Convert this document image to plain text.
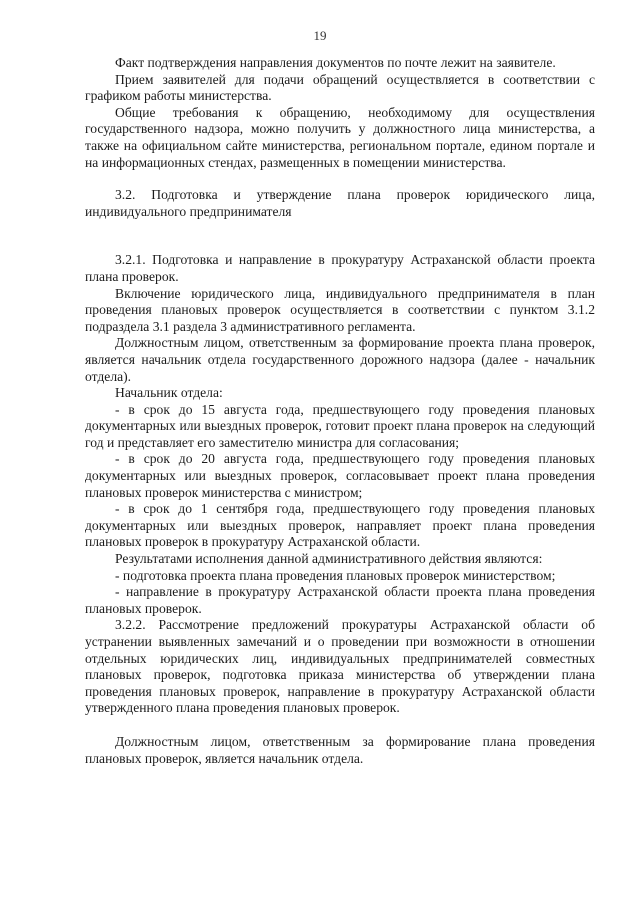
19

Факт подтверждения направления документов по почте лежит на заявителе.

Прием заявителей для подачи обращений осуществляется в соответствии с графиком работы министерства.

Общие требования к обращению, необходимому для осуществления государственного надзора, можно получить у должностного лица министерства, а также на официальном сайте министерства, региональном портале, едином портале и на информационных стендах, размещенных в помещении министерства.

3.2. Подготовка и утверждение плана проверок юридического лица, индивидуального предпринимателя

3.2.1. Подготовка и направление в прокуратуру Астраханской области проекта плана проверок.

Включение юридического лица, индивидуального предпринимателя в план проведения плановых проверок осуществляется в соответствии с пунктом 3.1.2 подраздела 3.1 раздела 3 административного регламента.

Должностным лицом, ответственным за формирование проекта плана проверок, является начальник отдела государственного дорожного надзора (далее - начальник отдела).

Начальник отдела:

- в срок до 15 августа года, предшествующего году проведения плановых документарных или выездных проверок, готовит проект плана проверок на следующий год и представляет его заместителю министра для согласования;

- в срок до 20 августа года, предшествующего году проведения плановых документарных или выездных проверок, согласовывает проект плана проведения плановых проверок министерства с министром;

- в срок до 1 сентября года, предшествующего году проведения плановых документарных или выездных проверок, направляет проект плана проведения плановых проверок в прокуратуру Астраханской области.

Результатами исполнения данной административного действия являются:

- подготовка проекта плана проведения плановых проверок министерством;

- направление в прокуратуру Астраханской области проекта плана проведения плановых проверок.

3.2.2. Рассмотрение предложений прокуратуры Астраханской области об устранении выявленных замечаний и о проведении при возможности в отношении отдельных юридических лиц, индивидуальных предпринимателей совместных плановых проверок, подготовка приказа министерства об утверждении плана проведения плановых проверок, направление в прокуратуру Астраханской области утвержденного плана проведения плановых проверок.

Должностным лицом, ответственным за формирование плана проведения плановых проверок, является начальник отдела.
